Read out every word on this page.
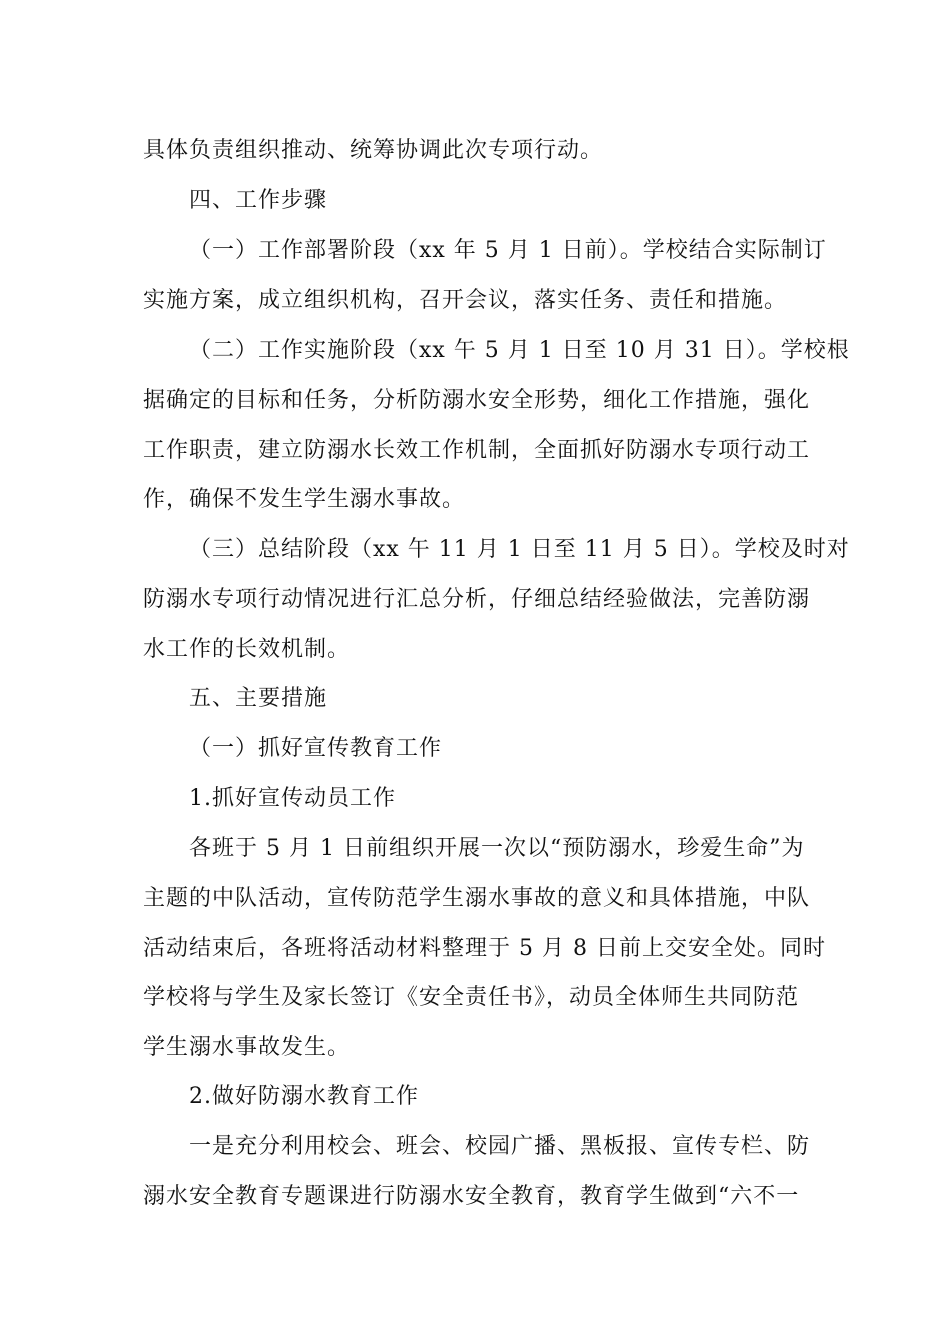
具体负责组织推动、统筹协调此次专项行动。
四、工作步骤
（一）工作部署阶段（xx 年 5 月 1 日前）。学校结合实际制订
实施方案，成立组织机构，召开会议，落实任务、责任和措施。
（二）工作实施阶段（xx 午 5 月 1 日至 10 月 31 日）。学校根
据确定的目标和任务，分析防溺水安全形势，细化工作措施，强化
工作职责，建立防溺水长效工作机制，全面抓好防溺水专项行动工
作，确保不发生学生溺水事故。
（三）总结阶段（xx 午 11 月 1 日至 11 月 5 日）。学校及时对
防溺水专项行动情况进行汇总分析，仔细总结经验做法，完善防溺
水工作的长效机制。
五、主要措施
（一）抓好宣传教育工作
1.抓好宣传动员工作
各班于 5 月 1 日前组织开展一次以“预防溺水，珍爱生命”为
主题的中队活动，宣传防范学生溺水事故的意义和具体措施，中队
活动结束后，各班将活动材料整理于 5 月 8 日前上交安全处。同时
学校将与学生及家长签订《安全责任书》，动员全体师生共同防范
学生溺水事故发生。
2.做好防溺水教育工作
一是充分利用校会、班会、校园广播、黑板报、宣传专栏、防
溺水安全教育专题课进行防溺水安全教育，教育学生做到“六不一
